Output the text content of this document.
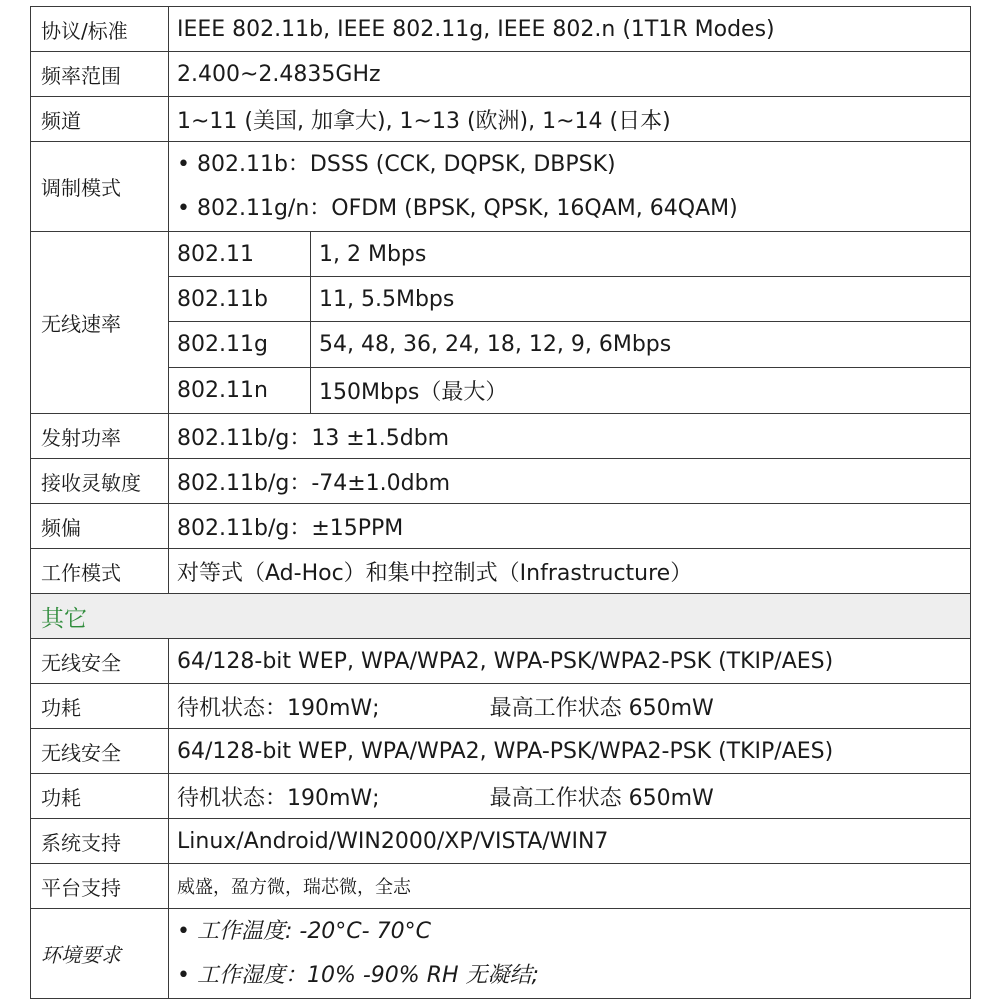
协议/标准	IEEE 802.11b, IEEE 802.11g, IEEE 802.n (1T1R Modes)	
频率范围	2.400~2.4835GHz	
频道	1~11 (美国, 加拿大), 1~13 (欧洲), 1~14 (日本)	
调制模式	• 802.11b：DSSS (CCK, DQPSK, DBPSK)
• 802.11g/n：OFDM (BPSK, QPSK, 16QAM, 64QAM)	

无线速率	802.11	1, 2 Mbps
	802.11b	11, 5.5Mbps
	802.11g	54, 48, 36, 24, 18, 12, 9, 6Mbps
	802.11n	150Mbps（最大）
发射功率	802.11b/g：13 ±1.5dbm	
接收灵敏度	802.11b/g：-74±1.0dbm	
频偏	802.11b/g：±15PPM	
工作模式	对等式（Ad-Hoc）和集中控制式（Infrastructure）	
其它		
无线安全	64/128-bit WEP, WPA/WPA2, WPA-PSK/WPA2-PSK (TKIP/AES)	
功耗	待机状态：190mW; 最高工作状态 650mW	
无线安全	64/128-bit WEP, WPA/WPA2, WPA-PSK/WPA2-PSK (TKIP/AES)	
功耗	待机状态：190mW; 最高工作状态 650mW	
系统支持	Linux/Android/WIN2000/XP/VISTA/WIN7	
平台支持	威盛，盈方微，瑞芯微，全志	
环境要求	• 工作温度: -20°C- 70°C
• 工作湿度：10% -90% RH 无凝结;	
